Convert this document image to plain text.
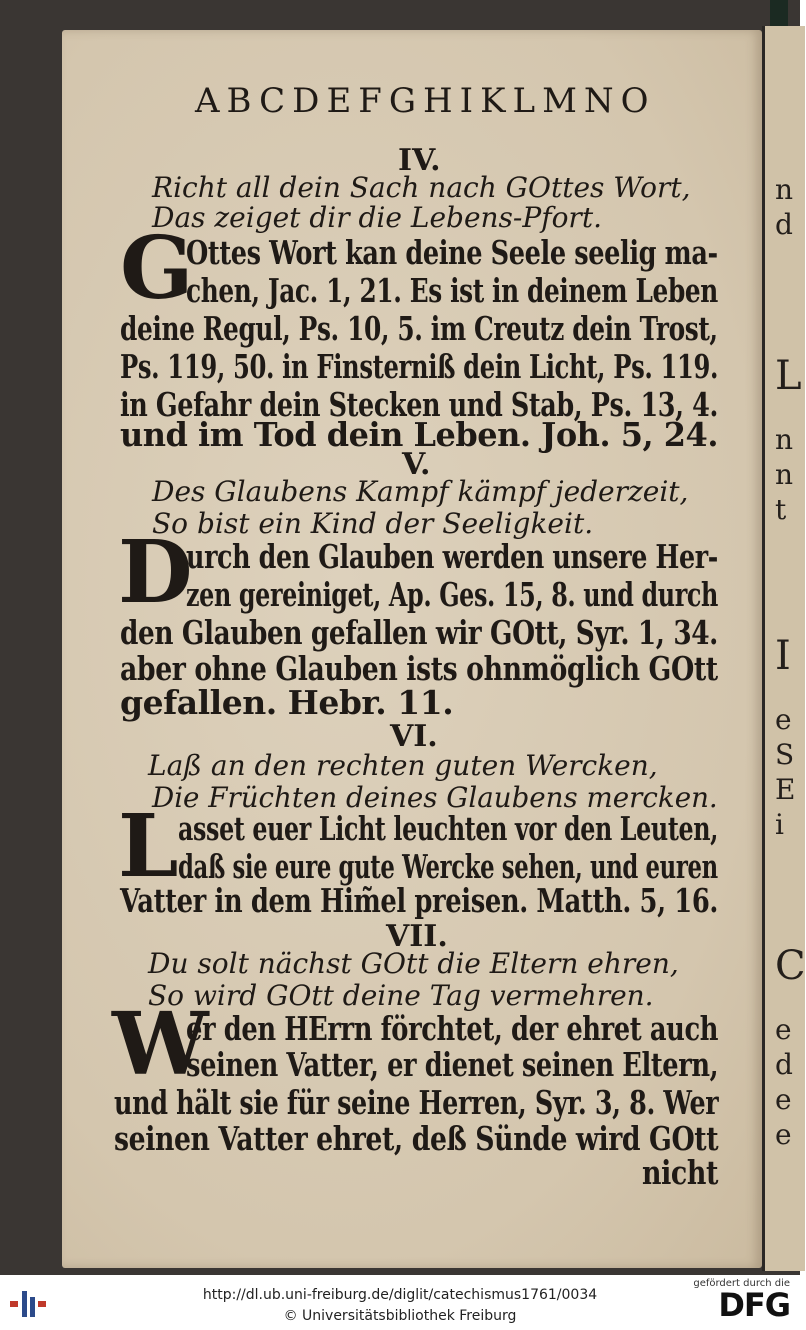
n
d
L
n
n
t
I
e
S
E
i
C
e
d
e
e
ABCDEFGHIKLMNO
IV.
Richt all dein Sach nach GOttes Wort,
Das zeiget dir die Lebens-Pfort.
G
Ottes Wort kan deine Seele seelig ma-
chen, Jac. 1, 21. Es ist in deinem Leben
deine Regul, Ps. 10, 5. im Creutz dein Trost,
Ps. 119, 50. in Finsterniß dein Licht, Ps. 119.
in Gefahr dein Stecken und Stab, Ps. 13, 4.
und im Tod dein Leben. Joh. 5, 24.
V.
Des Glaubens Kampf kämpf jederzeit,
So bist ein Kind der Seeligkeit.
D
urch den Glauben werden unsere Her-
zen gereiniget, Ap. Ges. 15, 8. und durch
den Glauben gefallen wir GOtt, Syr. 1, 34.
aber ohne Glauben ists ohnmöglich GOtt
gefallen. Hebr. 11.
VI.
Laß an den rechten guten Wercken,
Die Früchten deines Glaubens mercken.
L asset euer Licht leuchten vor den Leuten,
daß sie eure gute Wercke sehen, und euren
Vatter in dem Him̃el preisen. Matth. 5, 16.
VII.
Du solt nächst GOtt die Eltern ehren,
So wird GOtt deine Tag vermehren.
W
er den HErrn förchtet, der ehret auch
seinen Vatter, er dienet seinen Eltern,
und hält sie für seine Herren, Syr. 3, 8. Wer
seinen Vatter ehret, deß Sünde wird GOtt
nicht
http://dl.ub.uni-freiburg.de/diglit/catechismus1761/0034
© Universitätsbibliothek Freiburg
gefördert durch die
DFG
